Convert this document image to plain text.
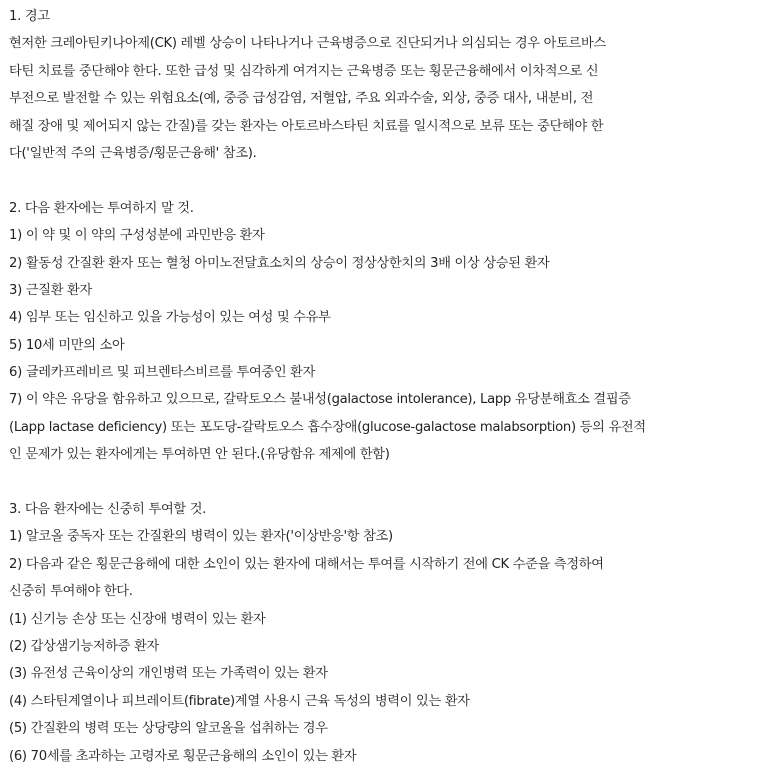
1. 경고
현저한 크레아틴키나아제(CK) 레벨 상승이 나타나거나 근육병증으로 진단되거나 의심되는 경우 아토르바스
타틴 치료를 중단해야 한다. 또한 급성 및 심각하게 여겨지는 근육병증 또는 횡문근융해에서 이차적으로 신
부전으로 발전할 수 있는 위험요소(예, 중증 급성감염, 저혈압, 주요 외과수술, 외상, 중증 대사, 내분비, 전
해질 장애 및 제어되지 않는 간질)를 갖는 환자는 아토르바스타틴 치료를 일시적으로 보류 또는 중단해야 한
다('일반적 주의 근육병증/횡문근융해' 참조).
2. 다음 환자에는 투여하지 말 것.
1) 이 약 및 이 약의 구성성분에 과민반응 환자
2) 활동성 간질환 환자 또는 혈청 아미노전달효소치의 상승이 정상상한치의 3배 이상 상승된 환자
3) 근질환 환자
4) 임부 또는 임신하고 있을 가능성이 있는 여성 및 수유부
5) 10세 미만의 소아
6) 글레카프레비르 및 피브렌타스비르를 투여중인 환자
7) 이 약은 유당을 함유하고 있으므로, 갈락토오스 불내성(galactose intolerance), Lapp 유당분해효소 결핍증
(Lapp lactase deficiency) 또는 포도당-갈락토오스 흡수장애(glucose-galactose malabsorption) 등의 유전적
인 문제가 있는 환자에게는 투여하면 안 된다.(유당함유 제제에 한함)
3. 다음 환자에는 신중히 투여할 것.
1) 알코올 중독자 또는 간질환의 병력이 있는 환자('이상반응'항 참조)
2) 다음과 같은 횡문근융해에 대한 소인이 있는 환자에 대해서는 투여를 시작하기 전에 CK 수준을 측정하여
신중히 투여해야 한다.
(1) 신기능 손상 또는 신장애 병력이 있는 환자
(2) 갑상샘기능저하증 환자
(3) 유전성 근육이상의 개인병력 또는 가족력이 있는 환자
(4) 스타틴계열이나 피브레이트(fibrate)계열 사용시 근육 독성의 병력이 있는 환자
(5) 간질환의 병력 또는 상당량의 알코올을 섭취하는 경우
(6) 70세를 초과하는 고령자로 횡문근융해의 소인이 있는 환자
